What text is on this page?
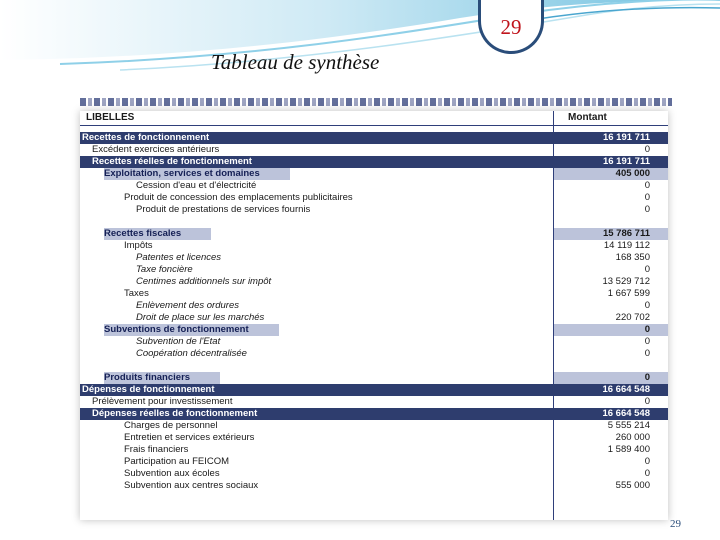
Tableau de synthèse
29
LIBELLES	Montant
Recettes de fonctionnement	16 191 711
Excédent exercices antérieurs	0
Recettes réelles de fonctionnement	16 191 711
Exploitation, services et domaines	405 000
Cession d'eau et d'électricité	0
Produit de concession des emplacements publicitaires	0
Produit de prestations de services fournis	0
Recettes fiscales	15 786 711
Impôts	14 119 112
Patentes et licences	168 350
Taxe foncière	0
Centimes additionnels sur impôt	13 529 712
Taxes	1 667 599
Enlèvement des ordures	0
Droit de place sur les marchés	220 702
Subventions de fonctionnement	0
Subvention de l'Etat	0
Coopération décentralisée	0
Produits financiers	0
Dépenses de fonctionnement	16 664 548
Prélèvement pour investissement	0
Dépenses réelles de fonctionnement	16 664 548
Charges de personnel	5 555 214
Entretien et services extérieurs	260 000
Frais financiers	1 589 400
Participation au FEICOM	0
Subvention aux écoles	0
Subvention aux centres sociaux	555 000
29
